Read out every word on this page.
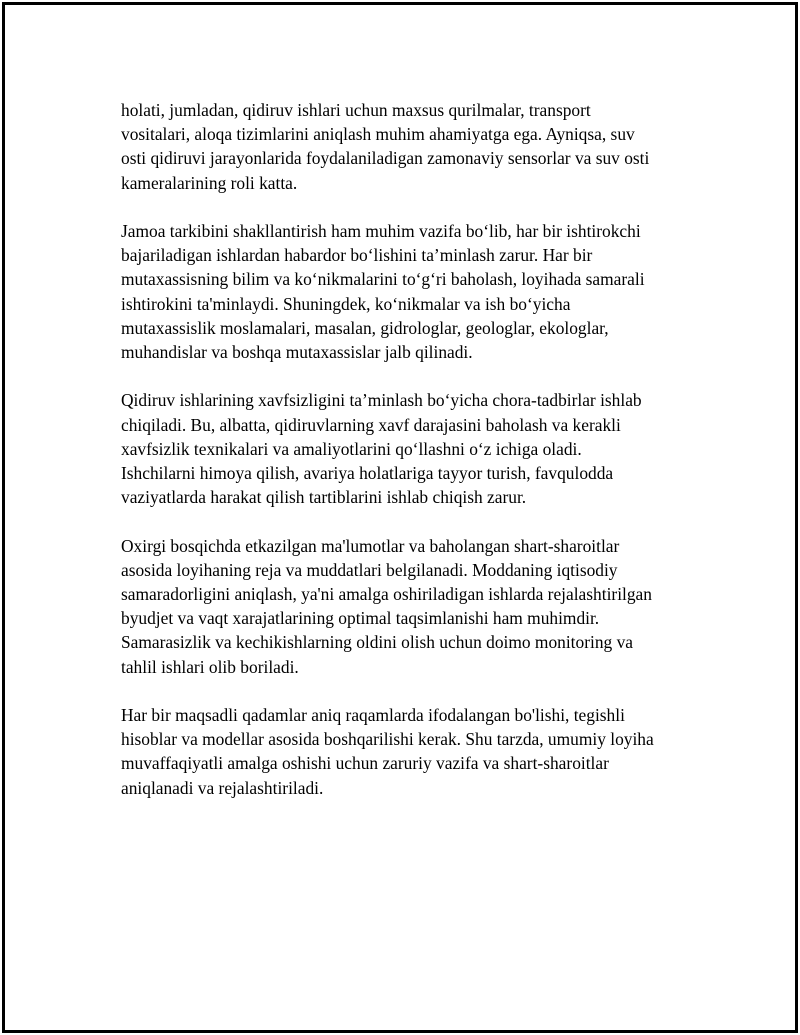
holati, jumladan, qidiruv ishlari uchun maxsus qurilmalar, transport
vositalari, aloqa tizimlarini aniqlash muhim ahamiyatga ega. Ayniqsa, suv
osti qidiruvi jarayonlarida foydalaniladigan zamonaviy sensorlar va suv osti
kameralarining roli katta.

Jamoa tarkibini shakllantirish ham muhim vazifa boʻlib, har bir ishtirokchi
bajariladigan ishlardan habardor boʻlishini taʼminlash zarur. Har bir
mutaxassisning bilim va koʻnikmalarini toʻgʻri baholash, loyihada samarali
ishtirokini ta'minlaydi. Shuningdek, koʻnikmalar va ish boʻyicha
mutaxassislik moslamalari, masalan, gidrologlar, geologlar, ekologlar,
muhandislar va boshqa mutaxassislar jalb qilinadi.

Qidiruv ishlarining xavfsizligini taʼminlash boʻyicha chora-tadbirlar ishlab
chiqiladi. Bu, albatta, qidiruvlarning xavf darajasini baholash va kerakli
xavfsizlik texnikalari va amaliyotlarini qoʻllashni oʻz ichiga oladi.
Ishchilarni himoya qilish, avariya holatlariga tayyor turish, favqulodda
vaziyatlarda harakat qilish tartiblarini ishlab chiqish zarur.

Oxirgi bosqichda etkazilgan ma'lumotlar va baholangan shart-sharoitlar
asosida loyihaning reja va muddatlari belgilanadi. Moddaning iqtisodiy
samaradorligini aniqlash, ya'ni amalga oshiriladigan ishlarda rejalashtirilgan
byudjet va vaqt xarajatlarining optimal taqsimlanishi ham muhimdir.
Samarasizlik va kechikishlarning oldini olish uchun doimo monitoring va
tahlil ishlari olib boriladi.

Har bir maqsadli qadamlar aniq raqamlarda ifodalangan bo'lishi, tegishli
hisoblar va modellar asosida boshqarilishi kerak. Shu tarzda, umumiy loyiha
muvaffaqiyatli amalga oshishi uchun zaruriy vazifa va shart-sharoitlar
aniqlanadi va rejalashtiriladi.
